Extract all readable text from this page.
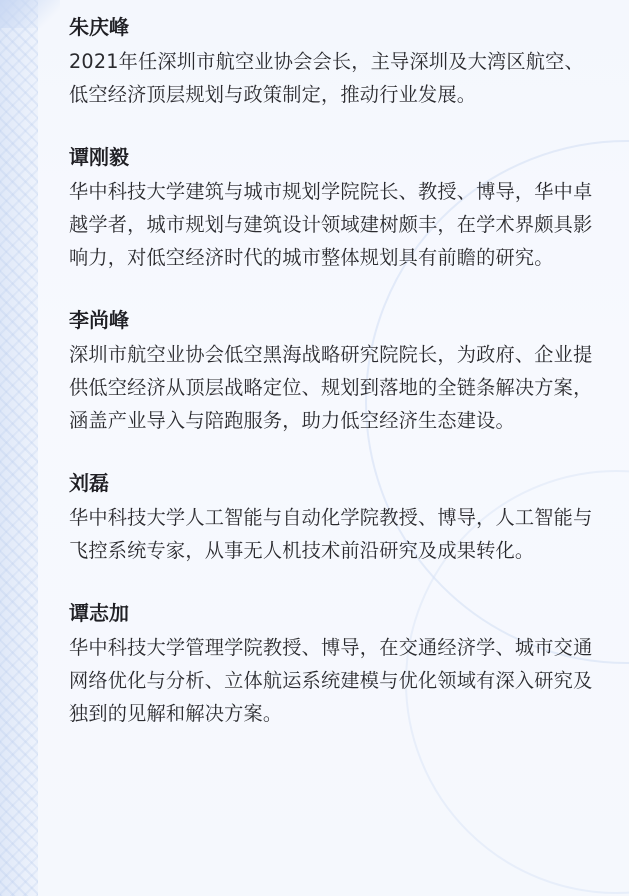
朱庆峰

2021年任深圳市航空业协会会长，主导深圳及大湾区航空、低空经济顶层规划与政策制定，推动行业发展。

谭刚毅

华中科技大学建筑与城市规划学院院长、教授、博导，华中卓越学者，城市规划与建筑设计领域建树颇丰，在学术界颇具影响力，对低空经济时代的城市整体规划具有前瞻的研究。

李尚峰

深圳市航空业协会低空黑海战略研究院院长，为政府、企业提供低空经济从顶层战略定位、规划到落地的全链条解决方案，涵盖产业导入与陪跑服务，助力低空经济生态建设。

刘磊

华中科技大学人工智能与自动化学院教授、博导，人工智能与飞控系统专家，从事无人机技术前沿研究及成果转化。

谭志加

华中科技大学管理学院教授、博导，在交通经济学、城市交通网络优化与分析、立体航运系统建模与优化领域有深入研究及独到的见解和解决方案。
